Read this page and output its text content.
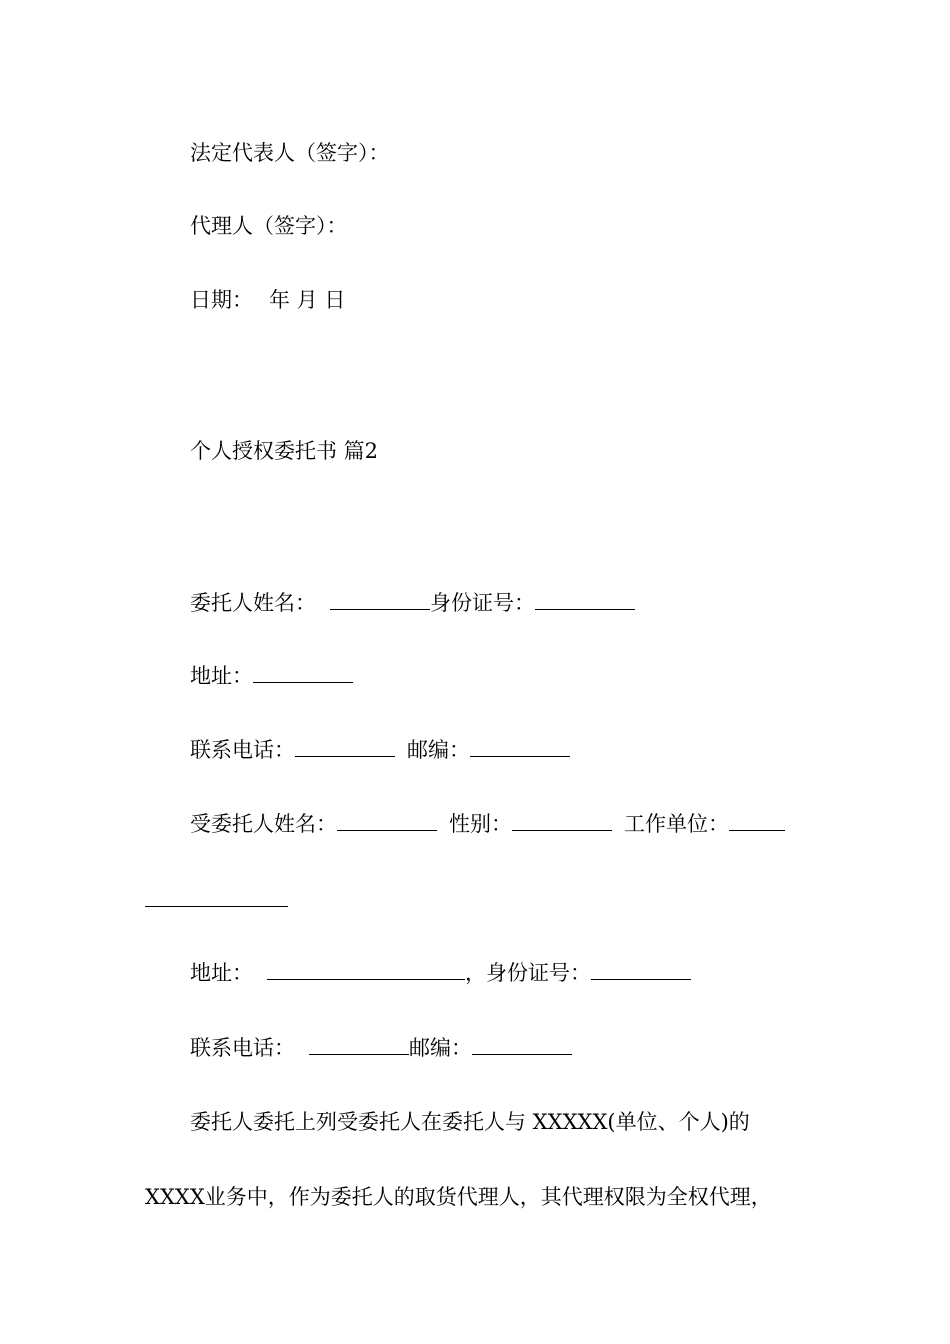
法定代表人（签字）：
代理人（签字）：
日期： 年 月 日
个人授权委托书 篇2
委托人姓名：	身份证号：
地址：
联系电话：	邮编：
受委托人姓名：	性别：	工作单位：
地址：	，身份证号：
联系电话：	邮编：
委托人委托上列受委托人在委托人与 XXXXX(单位、个人)的
XXXX业务中，作为委托人的取货代理人，其代理权限为全权代理，
